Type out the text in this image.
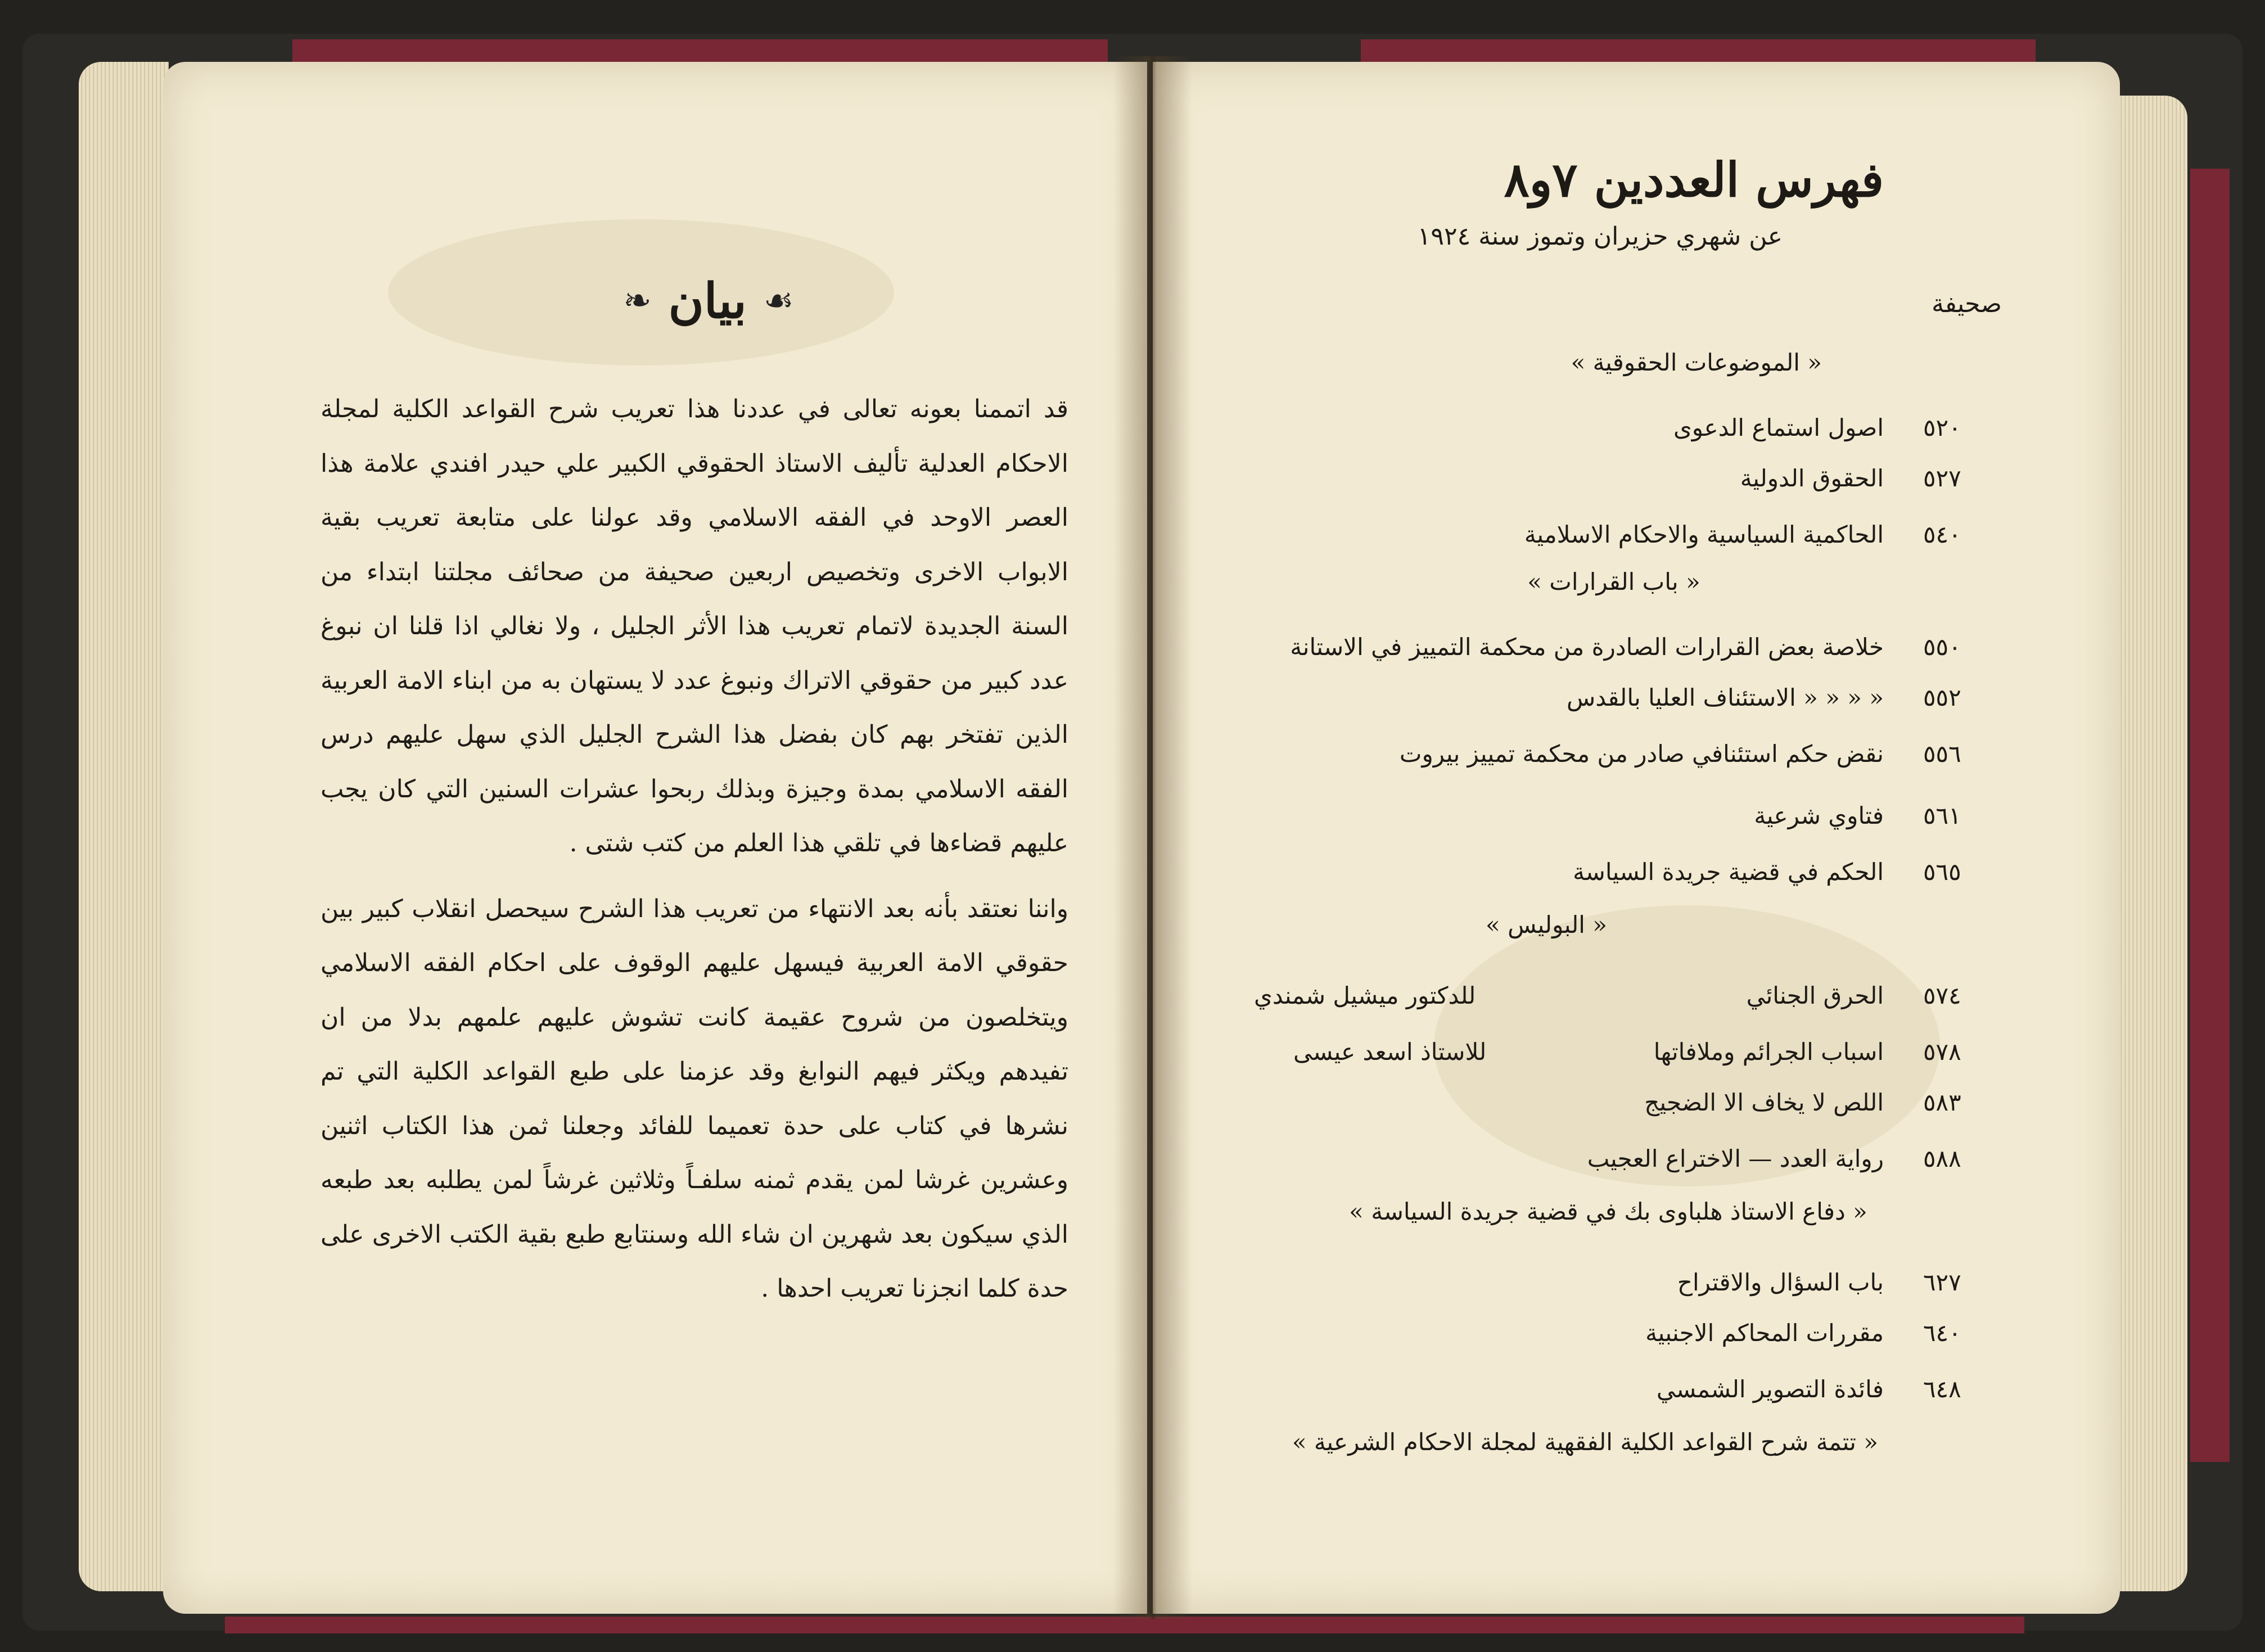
☙
بيان
❧

قد اتممنا بعونه تعالى في عددنا هذا تعريب شرح القواعد الكلية لمجلة الاحكام العدلية تأليف الاستاذ الحقوقي الكبير علي حيدر افندي علامة هذا العصر الاوحد في الفقه الاسلامي وقد عولنا على متابعة تعريب بقية الابواب الاخرى وتخصيص اربعين صحيفة من صحائف مجلتنا ابتداء من السنة الجديدة لاتمام تعريب هذا الأثر الجليل ، ولا نغالي اذا قلنا ان نبوغ عدد كبير من حقوقي الاتراك ونبوغ عدد لا يستهان به من ابناء الامة العربية الذين تفتخر بهم كان بفضل هذا الشرح الجليل الذي سهل عليهم درس الفقه الاسلامي بمدة وجيزة وبذلك ربحوا عشرات السنين التي كان يجب عليهم قضاءها في تلقي هذا العلم من كتب شتى .

واننا نعتقد بأنه بعد الانتهاء من تعريب هذا الشرح سيحصل انقلاب كبير بين حقوقي الامة العربية فيسهل عليهم الوقوف على احكام الفقه الاسلامي ويتخلصون من شروح عقيمة كانت تشوش عليهم علمهم بدلا من ان تفيدهم ويكثر فيهم النوابغ وقد عزمنا على طبع القواعد الكلية التي تم نشرها في كتاب على حدة تعميما للفائد وجعلنا ثمن هذا الكتاب اثنين وعشرين غرشا لمن يقدم ثمنه سلفـاً وثلاثين غرشاً لمن يطلبه بعد طبعه الذي سيكون بعد شهرين ان شاء الله وسنتابع طبع بقية الكتب الاخرى على حدة كلما انجزنا تعريب احدها .

فهرس العددين ٧و٨
عن شهري حزيران وتموز سنة ١٩٢٤
صحيفة
« الموضوعات الحقوقية »
اصول استماع الدعوى ٥٢٠
الحقوق الدولية ٥٢٧
الحاكمية السياسية والاحكام الاسلامية ٥٤٠
« باب القرارات »
خلاصة بعض القرارات الصادرة من محكمة التمييز في الاستانة ٥٥٠
« « « « الاستئناف العليا بالقدس ٥٥٢
نقض حكم استئنافي صادر من محكمة تمييز بيروت ٥٥٦
فتاوي شرعية ٥٦١
الحكم في قضية جريدة السياسة ٥٦٥
« البوليس »
للدكتور ميشيل شمندي	الحرق الجنائي ٥٧٤
للاستاذ اسعد عيسى	اسباب الجرائم وملافاتها ٥٧٨
اللص لا يخاف الا الضجيج ٥٨٣
رواية العدد — الاختراع العجيب ٥٨٨
« دفاع الاستاذ هلباوى بك في قضية جريدة السياسة »
باب السؤال والاقتراح ٦٢٧
مقررات المحاكم الاجنبية ٦٤٠
فائدة التصوير الشمسي ٦٤٨
« تتمة شرح القواعد الكلية الفقهية لمجلة الاحكام الشرعية »
